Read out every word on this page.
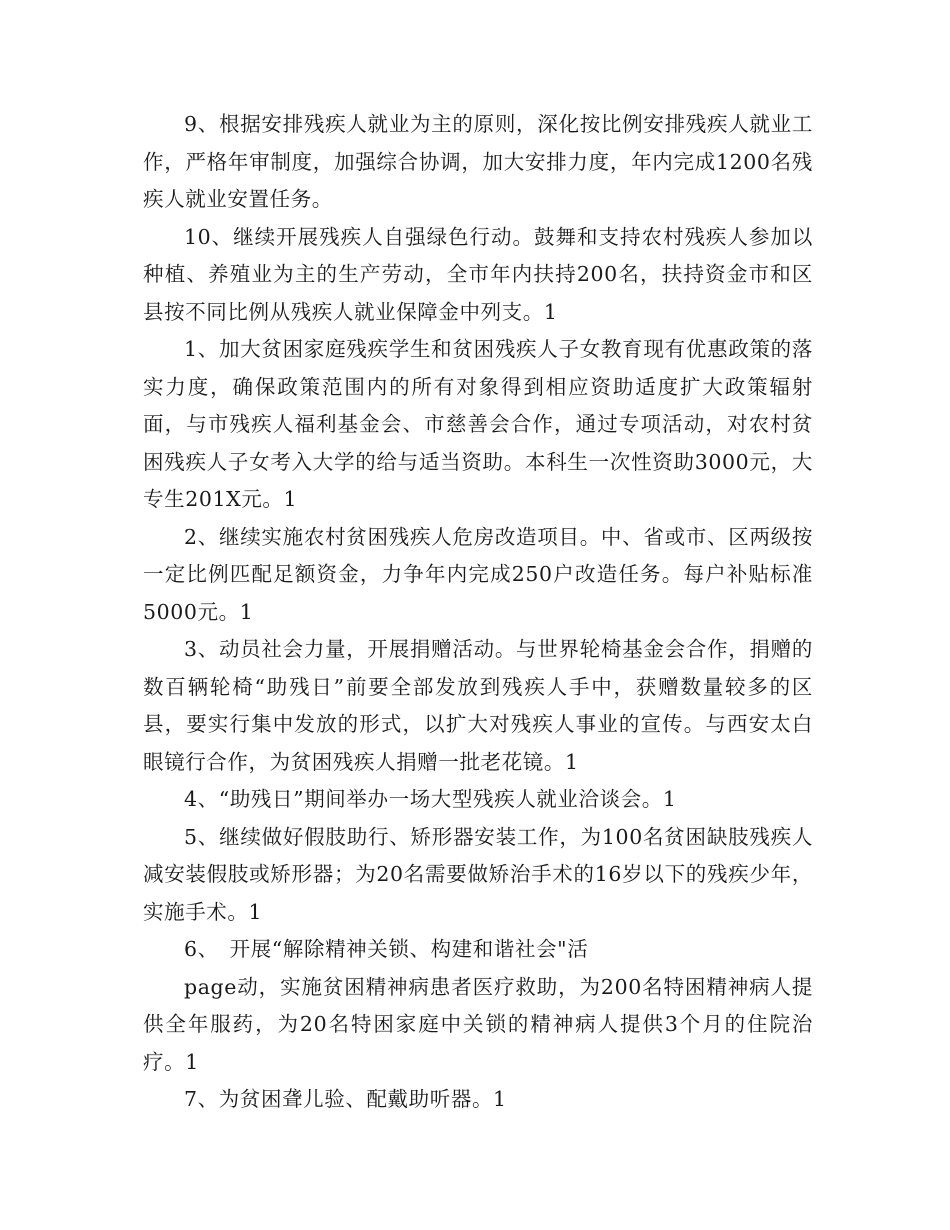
9、根据安排残疾人就业为主的原则，深化按比例安排残疾人就业工作，严格年审制度，加强综合协调，加大安排力度，年内完成1200名残疾人就业安置任务。

10、继续开展残疾人自强绿色行动。鼓舞和支持农村残疾人参加以种植、养殖业为主的生产劳动，全市年内扶持200名，扶持资金市和区县按不同比例从残疾人就业保障金中列支。1

1、加大贫困家庭残疾学生和贫困残疾人子女教育现有优惠政策的落实力度，确保政策范围内的所有对象得到相应资助适度扩大政策辐射面，与市残疾人福利基金会、市慈善会合作，通过专项活动，对农村贫困残疾人子女考入大学的给与适当资助。本科生一次性资助3000元，大专生201X元。1

2、继续实施农村贫困残疾人危房改造项目。中、省或市、区两级按一定比例匹配足额资金，力争年内完成250户改造任务。每户补贴标准5000元。1

3、动员社会力量，开展捐赠活动。与世界轮椅基金会合作，捐赠的数百辆轮椅“助残日”前要全部发放到残疾人手中，获赠数量较多的区县，要实行集中发放的形式，以扩大对残疾人事业的宣传。与西安太白眼镜行合作，为贫困残疾人捐赠一批老花镜。1

4、“助残日”期间举办一场大型残疾人就业洽谈会。1

5、继续做好假肢助行、矫形器安装工作，为100名贫困缺肢残疾人减安装假肢或矫形器；为20名需要做矫治手术的16岁以下的残疾少年，实施手术。1

6、　开展“解除精神关锁、构建和谐社会"活

page动，实施贫困精神病患者医疗救助，为200名特困精神病人提供全年服药，为20名特困家庭中关锁的精神病人提供3个月的住院治疗。1

7、为贫困聋儿验、配戴助听器。1
